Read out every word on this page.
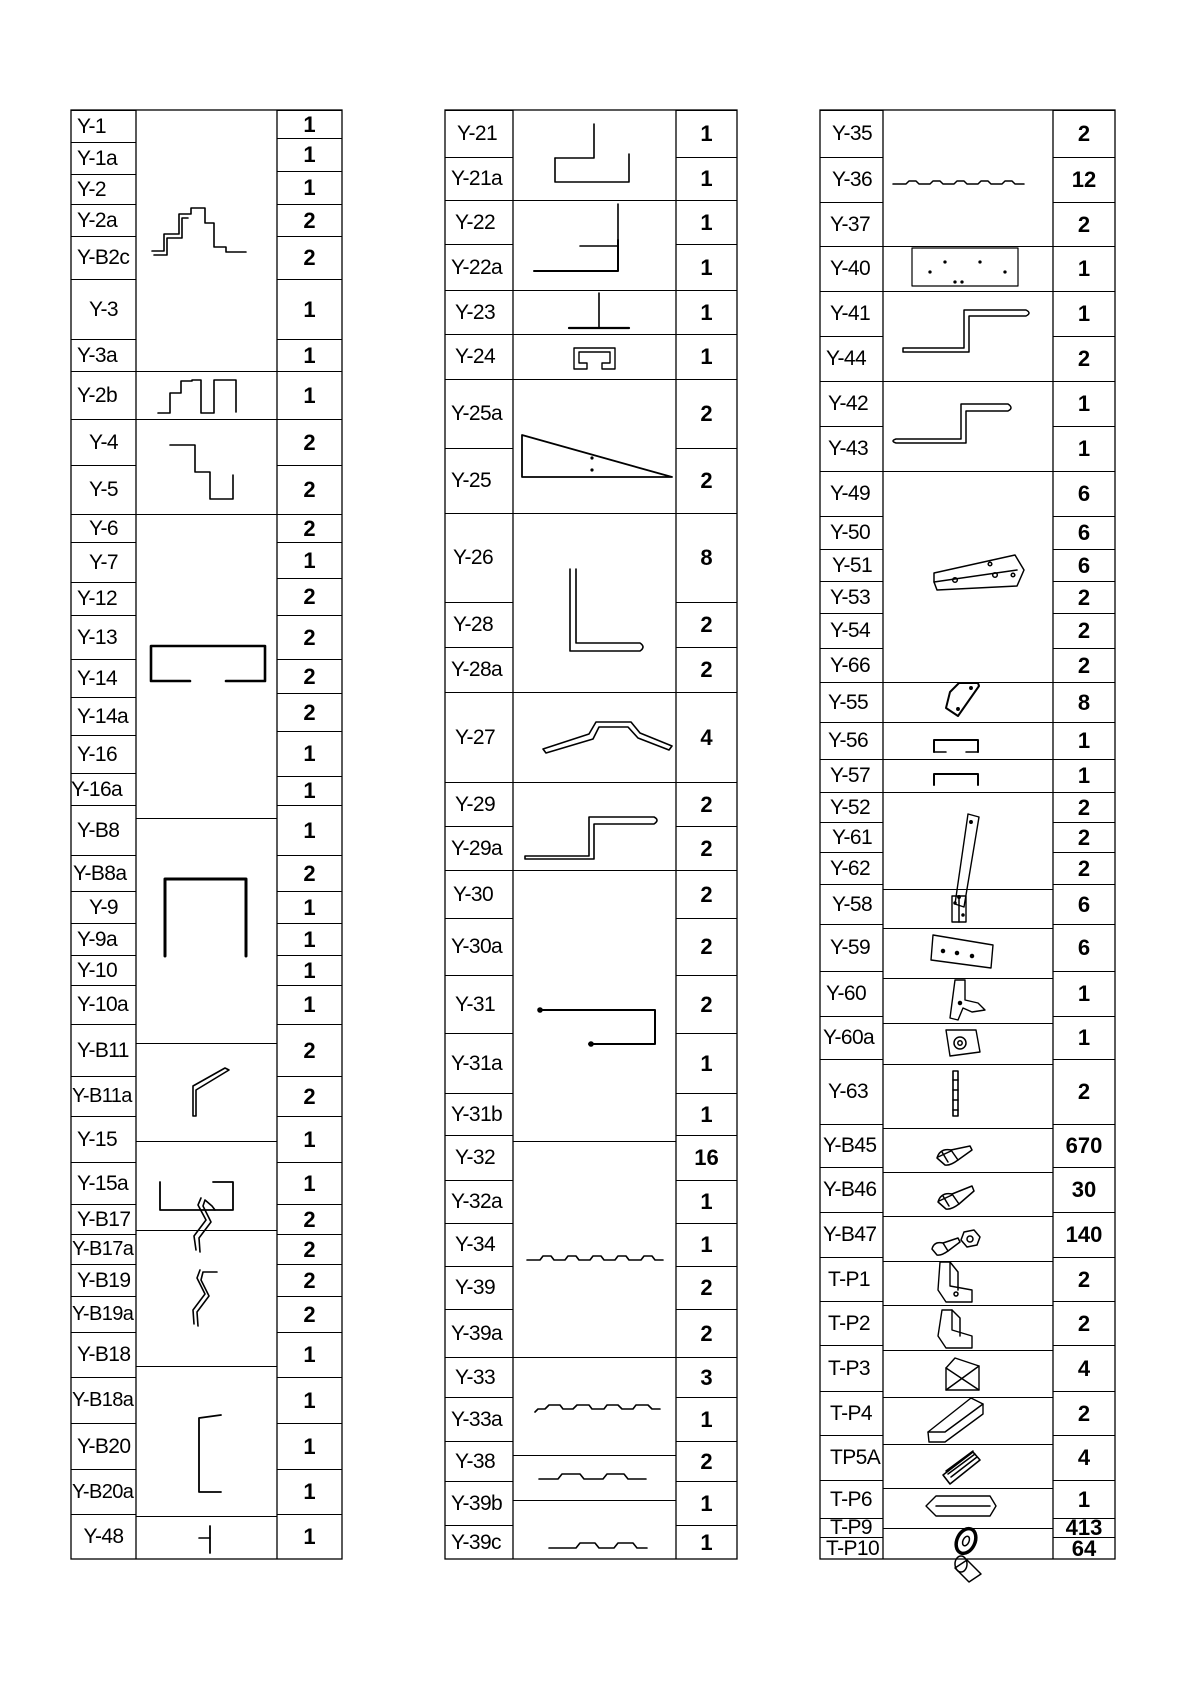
Y-1
Y-1a
Y-2
Y-2a
Y-B2c
Y-3
Y-3a
Y-2b
Y-4
Y-5
Y-6
Y-7
Y-12
Y-13
Y-14
Y-14a
Y-16
Y-16a
Y-B8
Y-B8a
Y-9
Y-9a
Y-10
Y-10a
Y-B11
Y-B11a
Y-15
Y-15a
Y-B17
Y-B17a
Y-B19
Y-B19a
Y-B18
Y-B18a
Y-B20
Y-B20a
Y-48
1
1
1
2
2
1
1
1
2
2
2
1
2
2
2
2
1
1
1
2
1
1
1
1
2
2
1
1
2
2
2
2
1
1
1
1
1
Y-21
Y-21a
Y-22
Y-22a
Y-23
Y-24
Y-25a
Y-25
Y-26
Y-28
Y-28a
Y-27
Y-29
Y-29a
Y-30
Y-30a
Y-31
Y-31a
Y-31b
Y-32
Y-32a
Y-34
Y-39
Y-39a
Y-33
Y-33a
Y-38
Y-39b
Y-39c
1
1
1
1
1
1
2
2
8
2
2
4
2
2
2
2
2
1
1
16
1
1
2
2
3
1
2
1
1
Y-35
Y-36
Y-37
Y-40
Y-41
Y-44
Y-42
Y-43
Y-49
Y-50
Y-51
Y-53
Y-54
Y-66
Y-55
Y-56
Y-57
Y-52
Y-61
Y-62
Y-58
Y-59
Y-60
Y-60a
Y-63
Y-B45
Y-B46
Y-B47
T-P1
T-P2
T-P3
T-P4
TP5A
T-P6
T-P9
T-P10
2
12
2
1
1
2
1
1
6
6
6
2
2
2
8
1
1
2
2
2
6
6
1
1
2
670
30
140
2
2
4
2
4
1
413
64
